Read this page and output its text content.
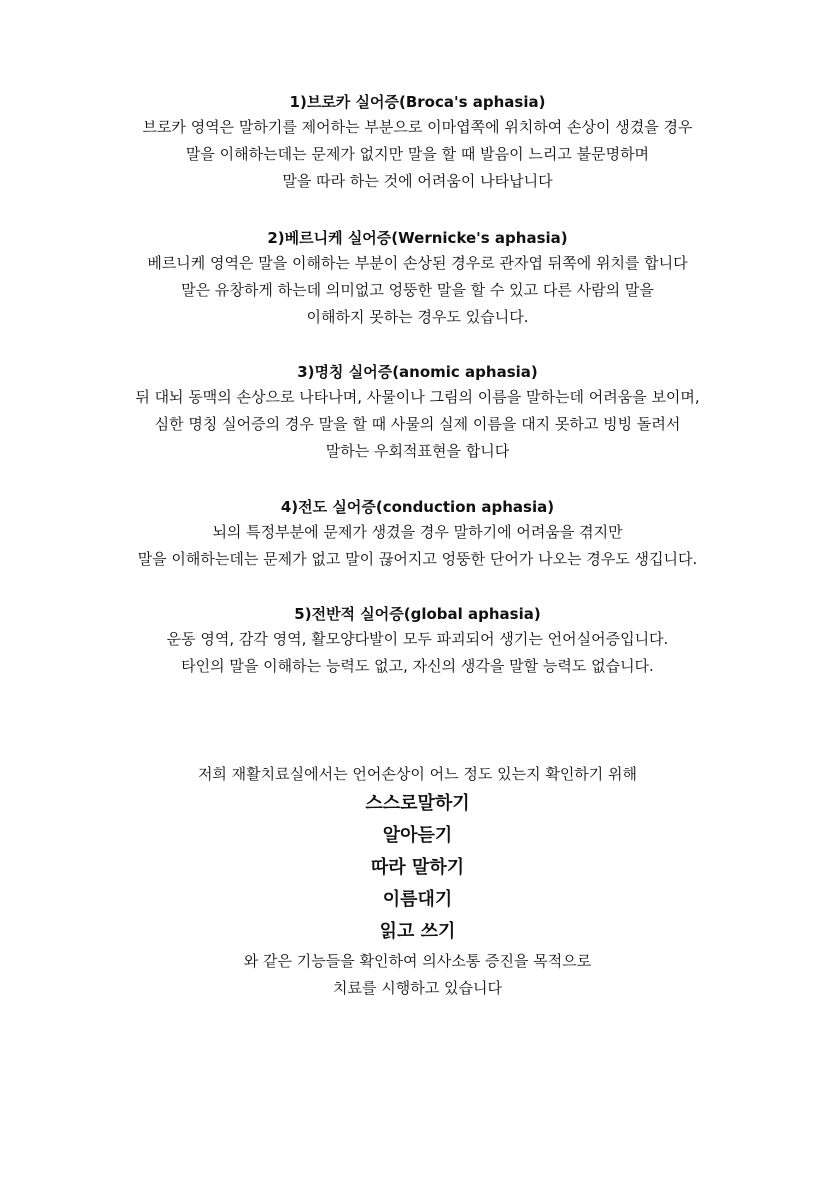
1)브로카 실어증(Broca's aphasia)

브로카 영역은 말하기를 제어하는 부분으로 이마엽쪽에 위치하여 손상이 생겼을 경우

말을 이해하는데는 문제가 없지만 말을 할 때 발음이 느리고 불문명하며

말을 따라 하는 것에 어려움이 나타납니다

2)베르니케 실어증(Wernicke's aphasia)

베르니케 영역은 말을 이해하는 부분이 손상된 경우로 관자엽 뒤쪽에 위치를 합니다

말은 유창하게 하는데 의미없고 엉뚱한 말을 할 수 있고 다른 사람의 말을

이해하지 못하는 경우도 있습니다.

3)명칭 실어증(anomic aphasia)

뒤 대뇌 동맥의 손상으로 나타나며, 사물이나 그림의 이름을 말하는데 어려움을 보이며,

심한 명칭 실어증의 경우 말을 할 때 사물의 실제 이름을 대지 못하고 빙빙 돌려서

말하는 우회적표현을 합니다

4)전도 실어증(conduction aphasia)

뇌의 특정부분에 문제가 생겼을 경우 말하기에 어려움을 겪지만

말을 이해하는데는 문제가 없고 말이 끊어지고 엉뚱한 단어가 나오는 경우도 생깁니다.

5)전반적 실어증(global aphasia)

운동 영역, 감각 영역, 활모양다발이 모두 파괴되어 생기는 언어실어증입니다.

타인의 말을 이해하는 능력도 없고, 자신의 생각을 말할 능력도 없습니다.

저희 재활치료실에서는 언어손상이 어느 정도 있는지 확인하기 위해

스스로말하기

알아듣기

따라 말하기

이름대기

읽고 쓰기

와 같은 기능들을 확인하여 의사소통 증진을 목적으로

치료를 시행하고 있습니다
